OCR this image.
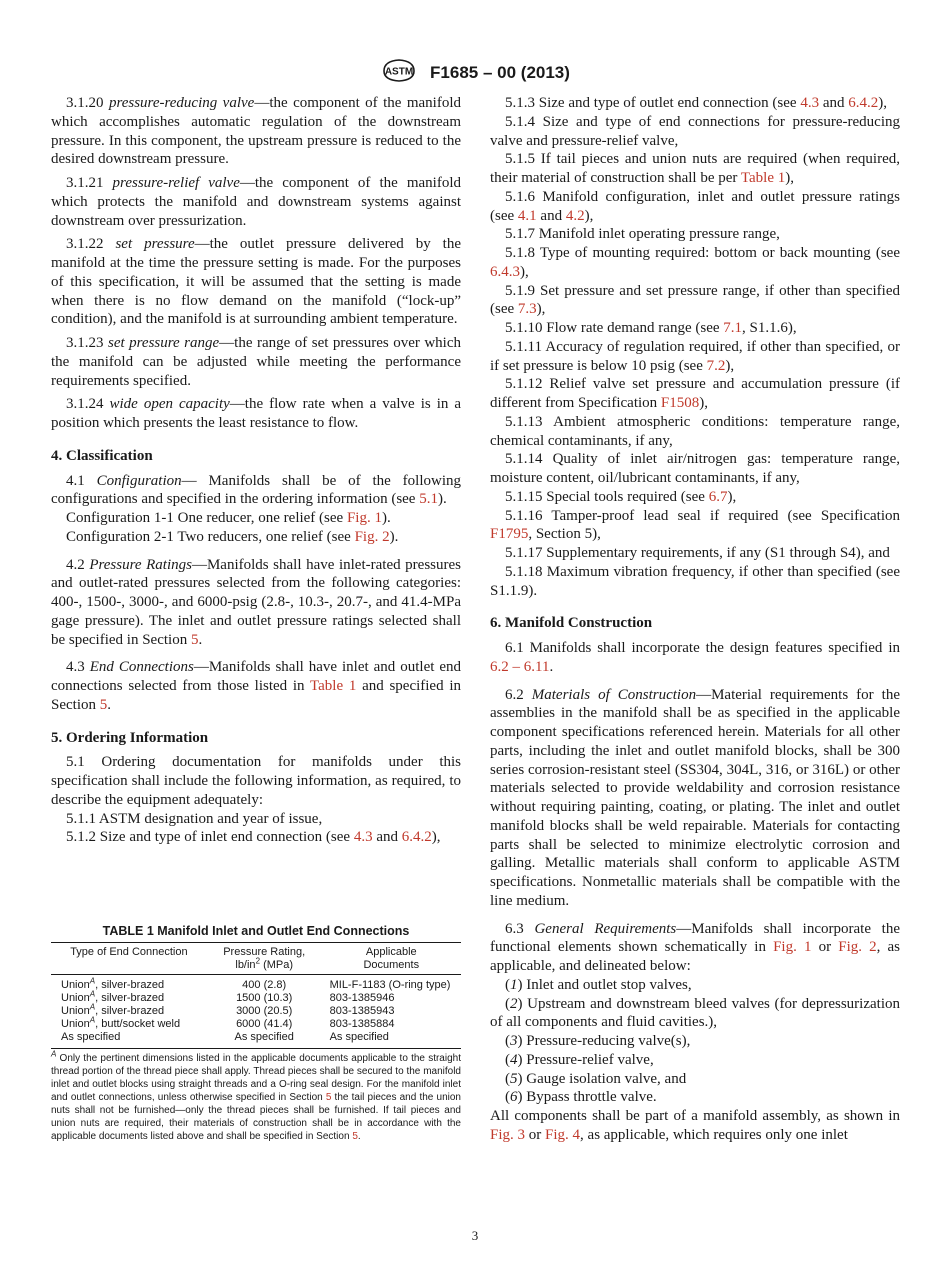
ASTM F1685 – 00 (2013)

3.1.20 pressure-reducing valve—the component of the manifold which accomplishes automatic regulation of the downstream pressure. In this component, the upstream pressure is reduced to the desired downstream pressure.

3.1.21 pressure-relief valve—the component of the manifold which protects the manifold and downstream systems against downstream over pressurization.

3.1.22 set pressure—the outlet pressure delivered by the manifold at the time the pressure setting is made. For the purposes of this specification, it will be assumed that the setting is made when there is no flow demand on the manifold (“lock-up” condition), and the manifold is at surrounding ambient temperature.

3.1.23 set pressure range—the range of set pressures over which the manifold can be adjusted while meeting the performance requirements specified.

3.1.24 wide open capacity—the flow rate when a valve is in a position which presents the least resistance to flow.

4. Classification

4.1 Configuration— Manifolds shall be of the following configurations and specified in the ordering information (see 5.1).

Configuration 1-1 One reducer, one relief (see Fig. 1).

Configuration 2-1 Two reducers, one relief (see Fig. 2).

4.2 Pressure Ratings—Manifolds shall have inlet-rated pressures and outlet-rated pressures selected from the following categories: 400-, 1500-, 3000-, and 6000-psig (2.8-, 10.3-, 20.7-, and 41.4-MPa gage pressure). The inlet and outlet pressure ratings selected shall be specified in Section 5.

4.3 End Connections—Manifolds shall have inlet and outlet end connections selected from those listed in Table 1 and specified in Section 5.

5. Ordering Information

5.1 Ordering documentation for manifolds under this specification shall include the following information, as required, to describe the equipment adequately:

5.1.1 ASTM designation and year of issue,

5.1.2 Size and type of inlet end connection (see 4.3 and 6.4.2),

TABLE 1 Manifold Inlet and Outlet End Connections
Type of End Connection	Pressure Rating,
$lb/in^2$ (MPa)	Applicable
Documents
Union$^A$, silver-brazed	400 (2.8)	MIL-F-1183 (O-ring type)
Union$^A$, silver-brazed	1500 (10.3)	803-1385946
Union$^A$, silver-brazed	3000 (20.5)	803-1385943
Union$^A$, butt/socket weld	6000 (41.4)	803-1385884
As specified	As specified	As specified
$^A$ Only the pertinent dimensions listed in the applicable documents applicable to the straight thread portion of the thread piece shall apply. Thread pieces shall be secured to the manifold inlet and outlet blocks using straight threads and a O-ring seal design. For the manifold inlet and outlet connections, unless otherwise specified in Section 5 the tail pieces and the union nuts shall not be furnished—only the thread pieces shall be furnished. If tail pieces and union nuts are required, their materials of construction shall be in accordance with the applicable documents listed above and shall be specified in Section 5.

5.1.3 Size and type of outlet end connection (see 4.3 and 6.4.2),

5.1.4 Size and type of end connections for pressure-reducing valve and pressure-relief valve,

5.1.5 If tail pieces and union nuts are required (when required, their material of construction shall be per Table 1),

5.1.6 Manifold configuration, inlet and outlet pressure ratings (see 4.1 and 4.2),

5.1.7 Manifold inlet operating pressure range,

5.1.8 Type of mounting required: bottom or back mounting (see 6.4.3),

5.1.9 Set pressure and set pressure range, if other than specified (see 7.3),

5.1.10 Flow rate demand range (see 7.1, S1.1.6),

5.1.11 Accuracy of regulation required, if other than specified, or if set pressure is below 10 psig (see 7.2),

5.1.12 Relief valve set pressure and accumulation pressure (if different from Specification F1508),

5.1.13 Ambient atmospheric conditions: temperature range, chemical contaminants, if any,

5.1.14 Quality of inlet air/nitrogen gas: temperature range, moisture content, oil/lubricant contaminants, if any,

5.1.15 Special tools required (see 6.7),

5.1.16 Tamper-proof lead seal if required (see Specification F1795, Section 5),

5.1.17 Supplementary requirements, if any (S1 through S4), and

5.1.18 Maximum vibration frequency, if other than specified (see S1.1.9).

6. Manifold Construction

6.1 Manifolds shall incorporate the design features specified in 6.2 – 6.11.

6.2 Materials of Construction—Material requirements for the assemblies in the manifold shall be as specified in the applicable component specifications referenced herein. Materials for all other parts, including the inlet and outlet manifold blocks, shall be 300 series corrosion-resistant steel (SS304, 304L, 316, or 316L) or other materials selected to provide weldability and corrosion resistance without requiring painting, coating, or plating. The inlet and outlet manifold blocks shall be weld repairable. Materials for contacting parts shall be selected to minimize electrolytic corrosion and galling. Metallic materials shall conform to applicable ASTM specifications. Nonmetallic materials shall be compatible with the line medium.

6.3 General Requirements—Manifolds shall incorporate the functional elements shown schematically in Fig. 1 or Fig. 2, as applicable, and delineated below:

(1) Inlet and outlet stop valves,

(2) Upstream and downstream bleed valves (for depressurization of all components and fluid cavities.),

(3) Pressure-reducing valve(s),

(4) Pressure-relief valve,

(5) Gauge isolation valve, and

(6) Bypass throttle valve.

All components shall be part of a manifold assembly, as shown in Fig. 3 or Fig. 4, as applicable, which requires only one inlet

3
